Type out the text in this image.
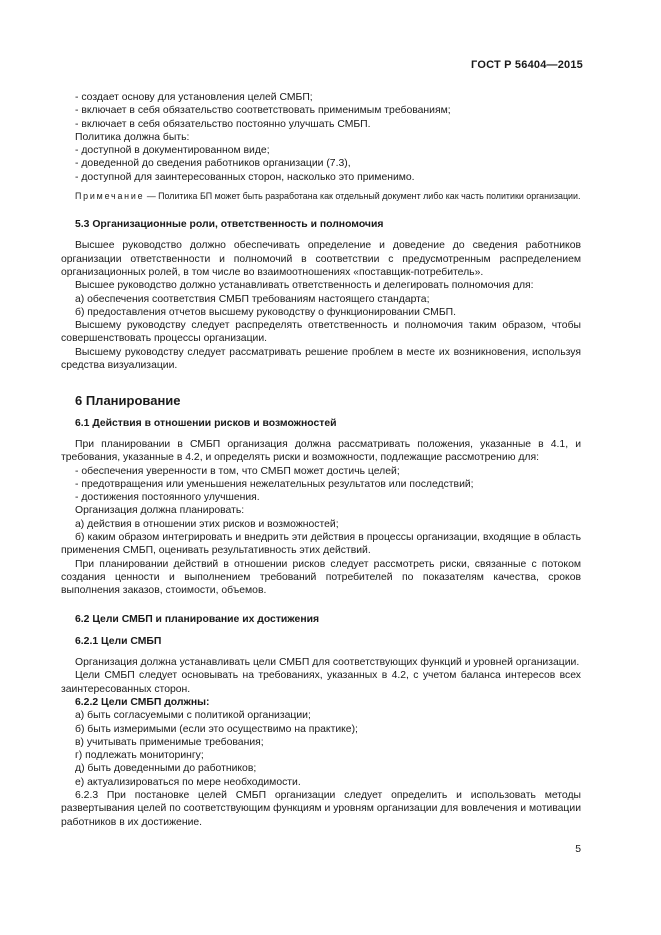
ГОСТ Р 56404—2015

- создает основу для установления целей СМБП;

- включает в себя обязательство соответствовать применимым требованиям;

- включает в себя обязательство постоянно улучшать СМБП.

Политика должна быть:

- доступной в документированном виде;

- доведенной до сведения работников организации (7.3),

- доступной для заинтересованных сторон, насколько это применимо.

Примечание — Политика БП может быть разработана как отдельный документ либо как часть политики организации.

5.3 Организационные роли, ответственность и полномочия

Высшее руководство должно обеспечивать определение и доведение до сведения работников организации ответственности и полномочий в соответствии с предусмотренным распределением организационных ролей, в том числе во взаимоотношениях «поставщик-потребитель».

Высшее руководство должно устанавливать ответственность и делегировать полномочия для:

а) обеспечения соответствия СМБП требованиям настоящего стандарта;

б) предоставления отчетов высшему руководству о функционировании СМБП.

Высшему руководству следует распределять ответственность и полномочия таким образом, чтобы совершенствовать процессы организации.

Высшему руководству следует рассматривать решение проблем в месте их возникновения, используя средства визуализации.

6 Планирование

6.1 Действия в отношении рисков и возможностей

При планировании в СМБП организация должна рассматривать положения, указанные в 4.1, и требования, указанные в 4.2, и определять риски и возможности, подлежащие рассмотрению для:

- обеспечения уверенности в том, что СМБП может достичь целей;

- предотвращения или уменьшения нежелательных результатов или последствий;

- достижения постоянного улучшения.

Организация должна планировать:

а) действия в отношении этих рисков и возможностей;

б) каким образом интегрировать и внедрить эти действия в процессы организации, входящие в область применения СМБП, оценивать результативность этих действий.

При планировании действий в отношении рисков следует рассмотреть риски, связанные с потоком создания ценности и выполнением требований потребителей по показателям качества, сроков выполнения заказов, стоимости, объемов.

6.2 Цели СМБП и планирование их достижения

6.2.1 Цели СМБП

Организация должна устанавливать цели СМБП для соответствующих функций и уровней организации.

Цели СМБП следует основывать на требованиях, указанных в 4.2, с учетом баланса интересов всех заинтересованных сторон.

6.2.2 Цели СМБП должны:

а) быть согласуемыми с политикой организации;

б) быть измеримыми (если это осуществимо на практике);

в) учитывать применимые требования;

г) подлежать мониторингу;

д) быть доведенными до работников;

е) актуализироваться по мере необходимости.

6.2.3 При постановке целей СМБП организации следует определить и использовать методы развертывания целей по соответствующим функциям и уровням организации для вовлечения и мотивации работников в их достижение.

5
